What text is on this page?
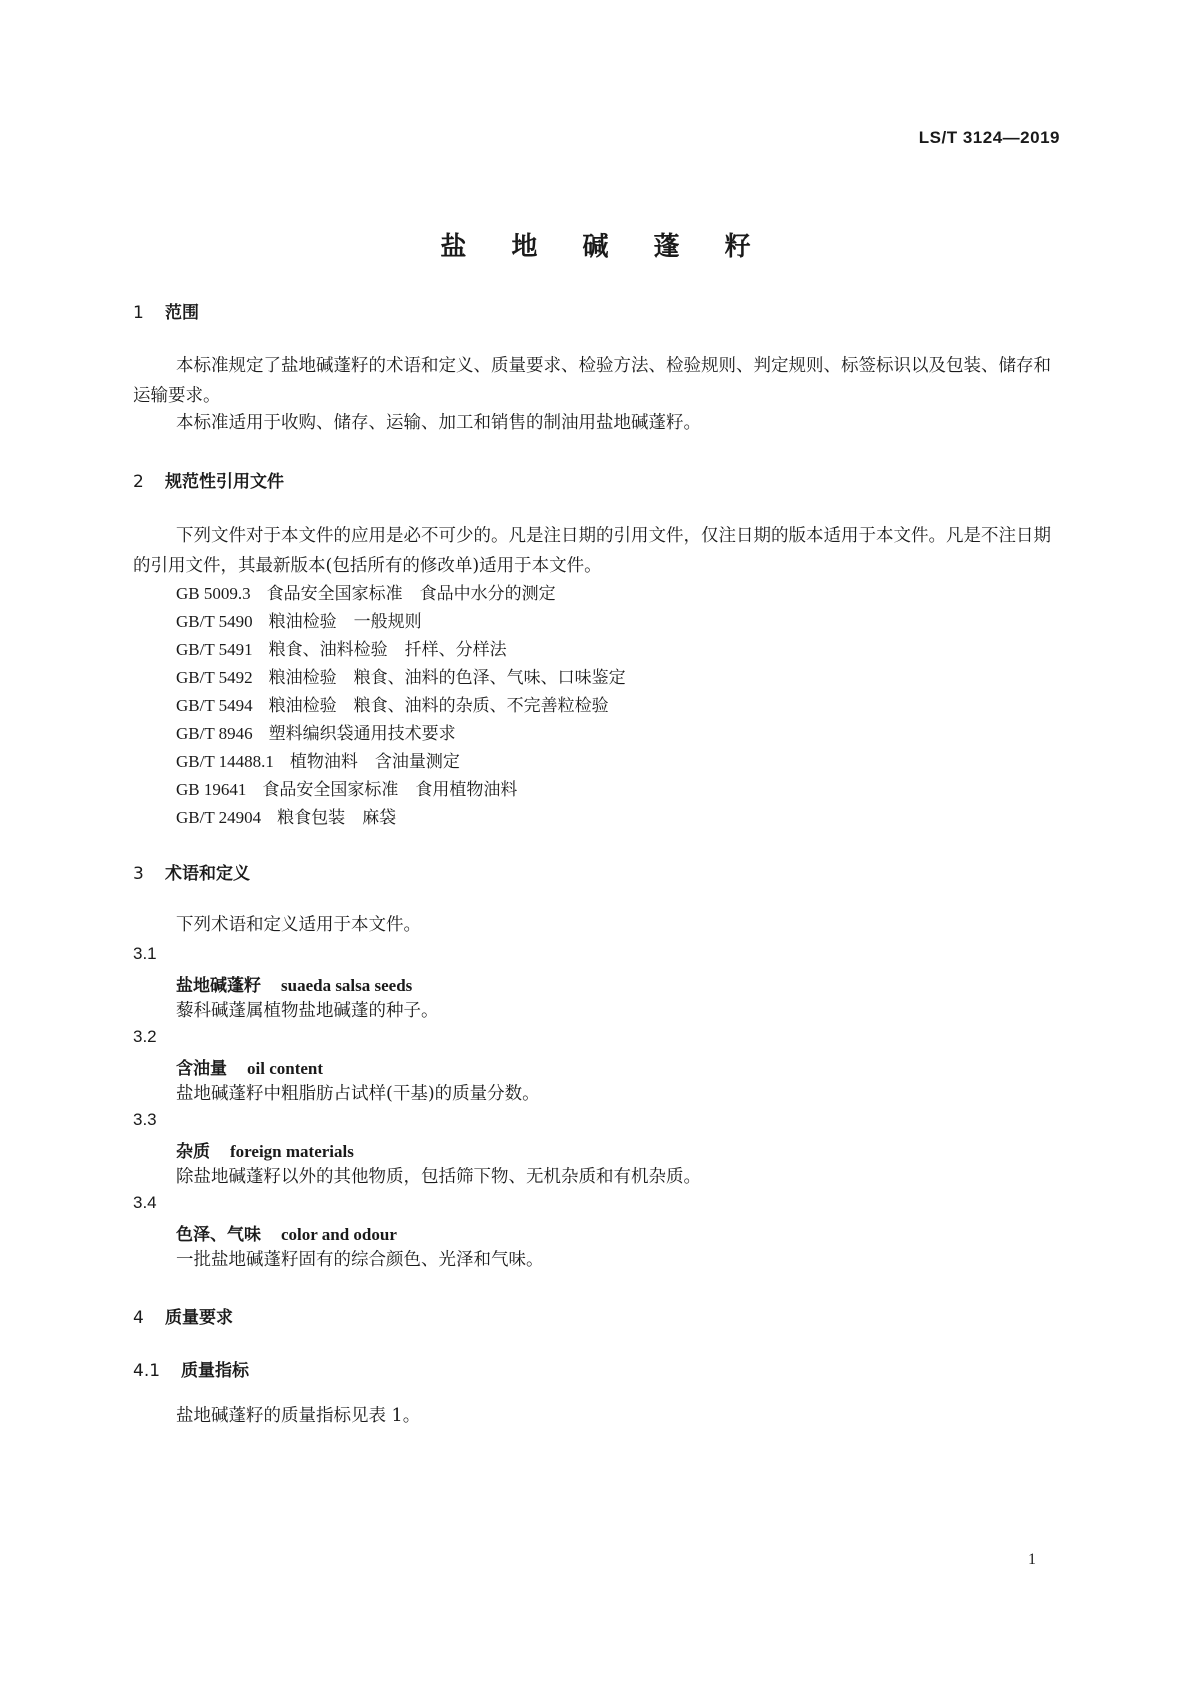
LS/T 3124—2019
盐 地 碱 蓬 籽
1 范围
本标准规定了盐地碱蓬籽的术语和定义、质量要求、检验方法、检验规则、判定规则、标签标识以及包装、储存和运输要求。
本标准适用于收购、储存、运输、加工和销售的制油用盐地碱蓬籽。
2 规范性引用文件
下列文件对于本文件的应用是必不可少的。凡是注日期的引用文件，仅注日期的版本适用于本文件。凡是不注日期的引用文件，其最新版本(包括所有的修改单)适用于本文件。
GB 5009.3 食品安全国家标准　食品中水分的测定
GB/T 5490 粮油检验　一般规则
GB/T 5491 粮食、油料检验　扦样、分样法
GB/T 5492 粮油检验　粮食、油料的色泽、气味、口味鉴定
GB/T 5494 粮油检验　粮食、油料的杂质、不完善粒检验
GB/T 8946 塑料编织袋通用技术要求
GB/T 14488.1 植物油料　含油量测定
GB 19641 食品安全国家标准　食用植物油料
GB/T 24904 粮食包装　麻袋
3 术语和定义
下列术语和定义适用于本文件。
3.1
盐地碱蓬籽 suaeda salsa seeds
藜科碱蓬属植物盐地碱蓬的种子。
3.2
含油量 oil content
盐地碱蓬籽中粗脂肪占试样(干基)的质量分数。
3.3
杂质 foreign materials
除盐地碱蓬籽以外的其他物质，包括筛下物、无机杂质和有机杂质。
3.4
色泽、气味 color and odour
一批盐地碱蓬籽固有的综合颜色、光泽和气味。
4 质量要求
4.1 质量指标
盐地碱蓬籽的质量指标见表 1。
1
